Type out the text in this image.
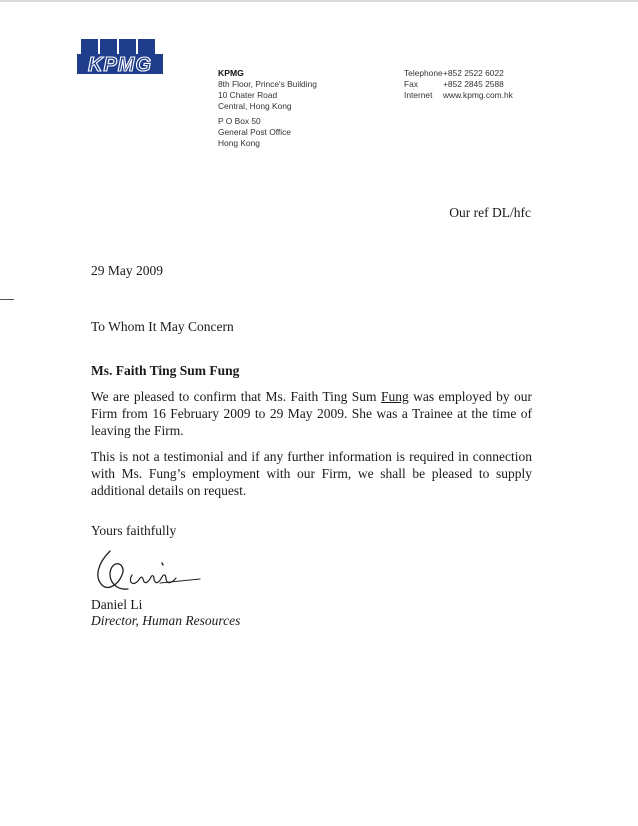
KPMG	KPMG
8th Floor, Prince's Building
10 Chater Road
Central, Hong Kong
P O Box 50
General Post Office
Hong Kong
Telephone +852 2522 6022
Fax	+852 2845 2588
Internet	www.kpmg.com.hk
Our ref DL/hfc
29 May 2009
To Whom It May Concern
Ms. Faith Ting Sum Fung
We are pleased to confirm that Ms. Faith Ting Sum Fung was employed by our Firm from 16 February 2009 to 29 May 2009. She was a Trainee at the time of leaving the Firm.
This is not a testimonial and if any further information is required in connection with Ms. Fung’s employment with our Firm, we shall be pleased to supply additional details on request.
Yours faithfully
Daniel Li
Director, Human Resources
